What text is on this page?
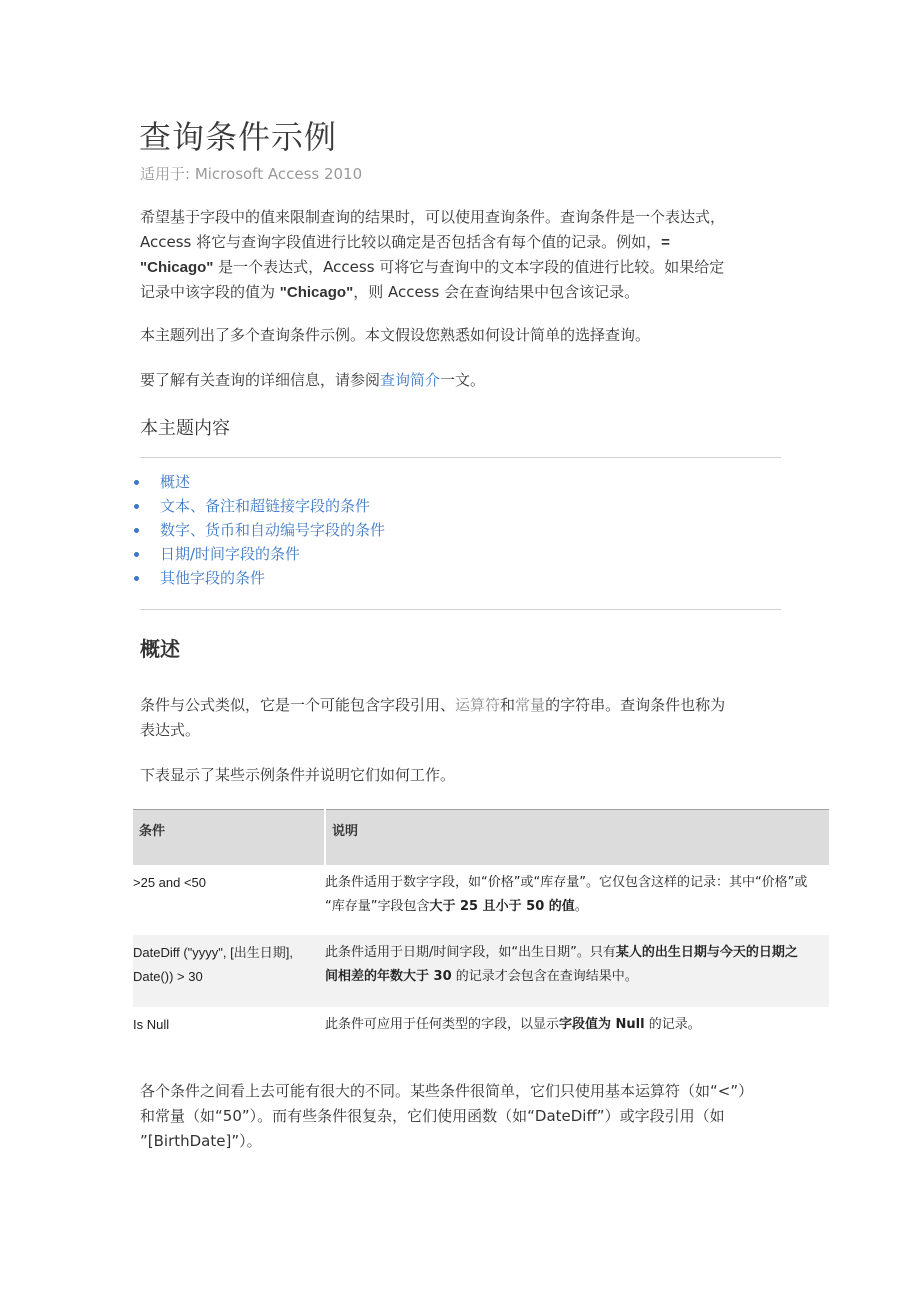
查询条件示例
适用于: Microsoft Access 2010
希望基于字段中的值来限制查询的结果时，可以使用查询条件。查询条件是一个表达式，
Access 将它与查询字段值进行比较以确定是否包括含有每个值的记录。例如，=
"Chicago" 是一个表达式，Access 可将它与查询中的文本字段的值进行比较。如果给定
记录中该字段的值为 "Chicago"，则 Access 会在查询结果中包含该记录。
本主题列出了多个查询条件示例。本文假设您熟悉如何设计简单的选择查询。
要了解有关查询的详细信息，请参阅查询简介一文。
本主题内容
概述
文本、备注和超链接字段的条件
数字、货币和自动编号字段的条件
日期/时间字段的条件
其他字段的条件
概述
条件与公式类似，它是一个可能包含字段引用、运算符和常量的字符串。查询条件也称为
表达式。
下表显示了某些示例条件并说明它们如何工作。
条件	说明
>25 and <50	此条件适用于数字字段，如“价格”或“库存量”。它仅包含这样的记录：其中“价格”或
“库存量”字段包含大于 25 且小于 50 的值。
DateDiff ("yyyy", [出生日期],
Date()) > 30	此条件适用于日期/时间字段，如“出生日期”。只有某人的出生日期与今天的日期之
间相差的年数大于 30 的记录才会包含在查询结果中。
Is Null	此条件可应用于任何类型的字段，以显示字段值为 Null 的记录。
各个条件之间看上去可能有很大的不同。某些条件很简单，它们只使用基本运算符（如“<”）
和常量（如“50”）。而有些条件很复杂，它们使用函数（如“DateDiff”）或字段引用（如
”[BirthDate]”）。
